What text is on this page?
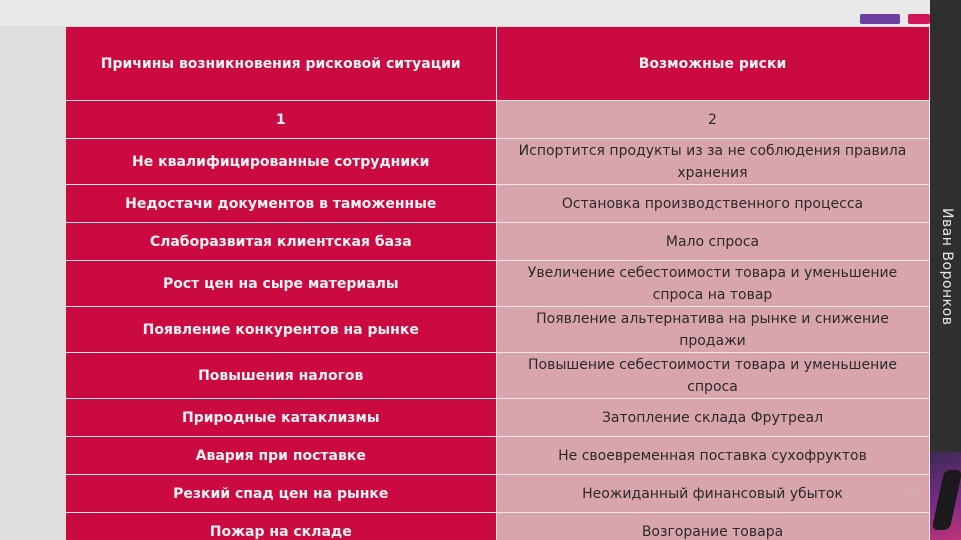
Причины возникновения рисковой ситуации	Возможные риски
1	2
Не квалифицированные сотрудники	Испортится продукты из за не соблюдения правила хранения
Недостачи документов в таможенные	Остановка производственного процесса
Слаборазвитая клиентская база	Мало спроса
Рост цен на сыре материалы	Увеличение себестоимости товара и уменьшение спроса на товар
Появление конкурентов на рынке	Появление альтернатива на рынке и снижение продажи
Повышения налогов	Повышение себестоимости товара и уменьшение спроса
Природные катаклизмы	Затопление склада Фрутреал
Авария при поставке	Не своевременная поставка сухофруктов
Резкий спад цен на рынке	Неожиданный финансовый убыток
Пожар на складе	Возгорание товара
4
Иван Воронков
